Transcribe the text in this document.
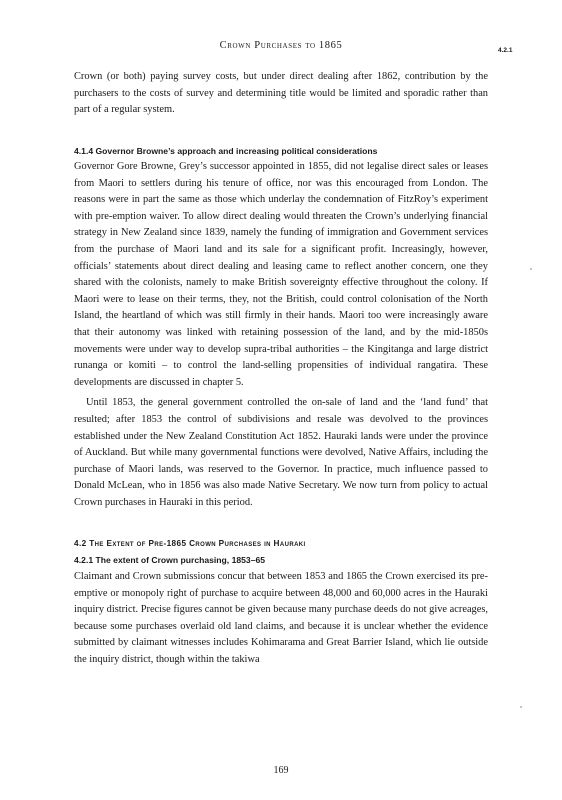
Crown Purchases to 1865	4.2.1

Crown (or both) paying survey costs, but under direct dealing after 1862, contribution by the purchasers to the costs of survey and determining title would be limited and sporadic rather than part of a regular system.

4.1.4 Governor Browne’s approach and increasing political considerations

Governor Gore Browne, Grey’s successor appointed in 1855, did not legalise direct sales or leases from Maori to settlers during his tenure of office, nor was this encouraged from London. The reasons were in part the same as those which underlay the condemnation of FitzRoy’s experiment with pre-emption waiver. To allow direct dealing would threaten the Crown’s underlying financial strategy in New Zealand since 1839, namely the funding of immigration and Government services from the purchase of Maori land and its sale for a significant profit. Increasingly, however, officials’ statements about direct dealing and leasing came to reflect another concern, one they shared with the colonists, namely to make British sovereignty effective throughout the colony. If Maori were to lease on their terms, they, not the British, could control colonisation of the North Island, the heartland of which was still firmly in their hands. Maori too were increasingly aware that their autonomy was linked with retaining possession of the land, and by the mid-1850s movements were under way to develop supra-tribal authorities – the Kingitanga and large district runanga or komiti – to control the land-selling propensities of individual rangatira. These developments are discussed in chapter 5.

Until 1853, the general government controlled the on-sale of land and the ‘land fund’ that resulted; after 1853 the control of subdivisions and resale was devolved to the provinces established under the New Zealand Constitution Act 1852. Hauraki lands were under the province of Auckland. But while many governmental functions were devolved, Native Affairs, including the purchase of Maori lands, was reserved to the Governor. In practice, much influence passed to Donald McLean, who in 1856 was also made Native Secretary. We now turn from policy to actual Crown purchases in Hauraki in this period.

4.2 The Extent of Pre-1865 Crown Purchases in Hauraki
4.2.1 The extent of Crown purchasing, 1853–65

Claimant and Crown submissions concur that between 1853 and 1865 the Crown exercised its pre-emptive or monopoly right of purchase to acquire between 48,000 and 60,000 acres in the Hauraki inquiry district. Precise figures cannot be given because many purchase deeds do not give acreages, because some purchases overlaid old land claims, and because it is unclear whether the evidence submitted by claimant witnesses includes Kohimarama and Great Barrier Island, which lie outside the inquiry district, though within the takiwa

169
